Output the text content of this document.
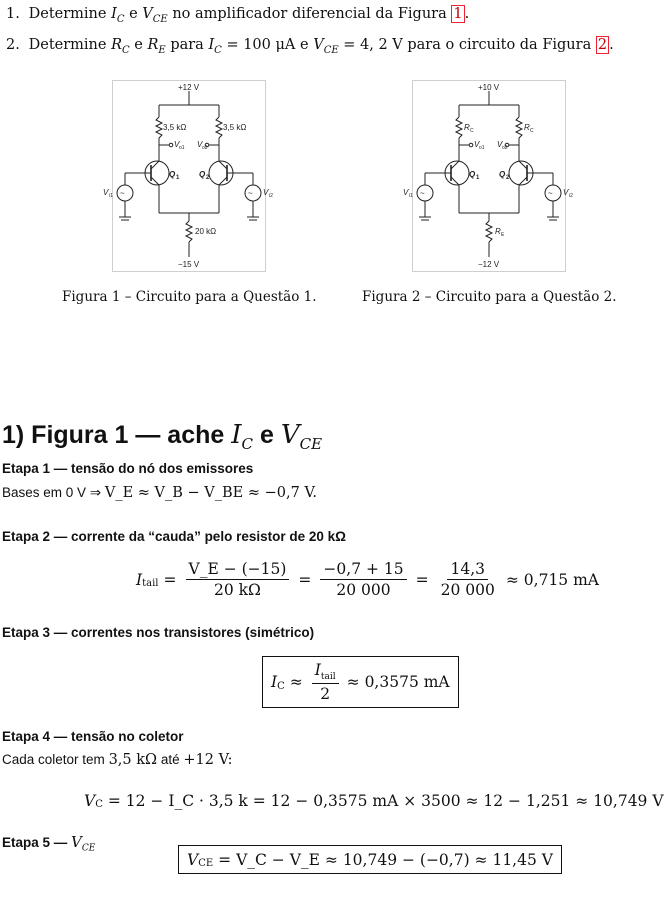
1. Determine $I_C$ e $V_{CE}$ no amplificador diferencial da Figura 1 .
2. Determine $R_C$ e $R_E$ para $I_C = 100$ μA e $V_{CE} = 4$, 2 V para o circuito da Figura 2 .
+12 V
−15 V
3,5 kΩ	3,5 kΩ
20 kΩ
V o1 V o2
Q 1 Q 2
V i1	V i2
~	~
+10 V
−12 V
R C	R C
R E
V o1 V o2
Q 1 Q 2
V i1	V i2
~	~
Figura 1 – Circuito para a Questão 1.	Figura 2 – Circuito para a Questão 2.
1) Figura 1 — ache $I_C$ e $V_{CE}$
Etapa 1 — tensão do nó dos emissores
Bases em 0 V ⇒ V_E ≈ V_B − V_BE ≈ −0,7 V.
Etapa 2 — corrente da “cauda” pelo resistor de 20 kΩ
$I_{tail} = \frac{V\_E - (-15)}{20 k\Omega} = \frac{-0,7 + 15}{20 000} = \frac{14,3}{20 000} \approx 0,715$ mA
Etapa 3 — correntes nos transistores (simétrico)
$I_C \approx \frac{I_{tail}}{2} \approx 0,3575$ mA
Etapa 4 — tensão no coletor
Cada coletor tem 3,5 kΩ até +12 V:
$V_C = 12$ − I_C · 3,5 k = 12 − 0,3575 mA × 3500 ≈ 12 − 1,251 ≈ 10,749 V
Etapa 5 — $V_{CE}$
$V_{CE}$ = V_C − V_E ≈ 10,749 − (−0,7) ≈ 11,45 V
